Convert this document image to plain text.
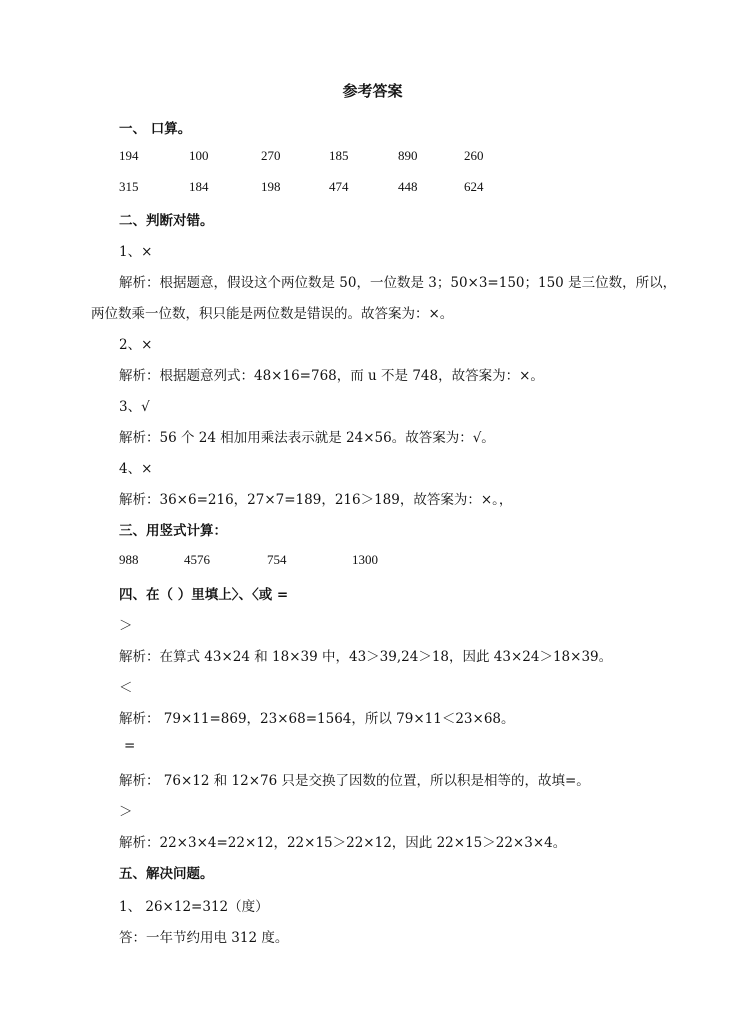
参考答案
一、 口算。
194	100	270	185	890	260
315	184	198	474	448	624
二、判断对错。
1、×
解析：根据题意，假设这个两位数是 50，一位数是 3；50×3=150；150 是三位数，所以，
两位数乘一位数，积只能是两位数是错误的。故答案为：×。
2、×
解析：根据题意列式：48×16=768，而 u 不是 748，故答案为：×。
3、√
解析：56 个 24 相加用乘法表示就是 24×56。故答案为：√。
4、×
解析：36×6=216，27×7=189，216＞189，故答案为：×。，
三、用竖式计算：
988	4576	754	1300
四、在（ ）里填上〉、〈或 =
＞
解析：在算式 43×24 和 18×39 中，43＞39,24＞18，因此 43×24＞18×39。
＜
解析： 79×11=869，23×68=1564，所以 79×11＜23×68。
=
解析： 76×12 和 12×76 只是交换了因数的位置，所以积是相等的，故填=。
＞
解析：22×3×4=22×12，22×15＞22×12，因此 22×15＞22×3×4。
五、解决问题。
1、 26×12=312（度）
答：一年节约用电 312 度。
